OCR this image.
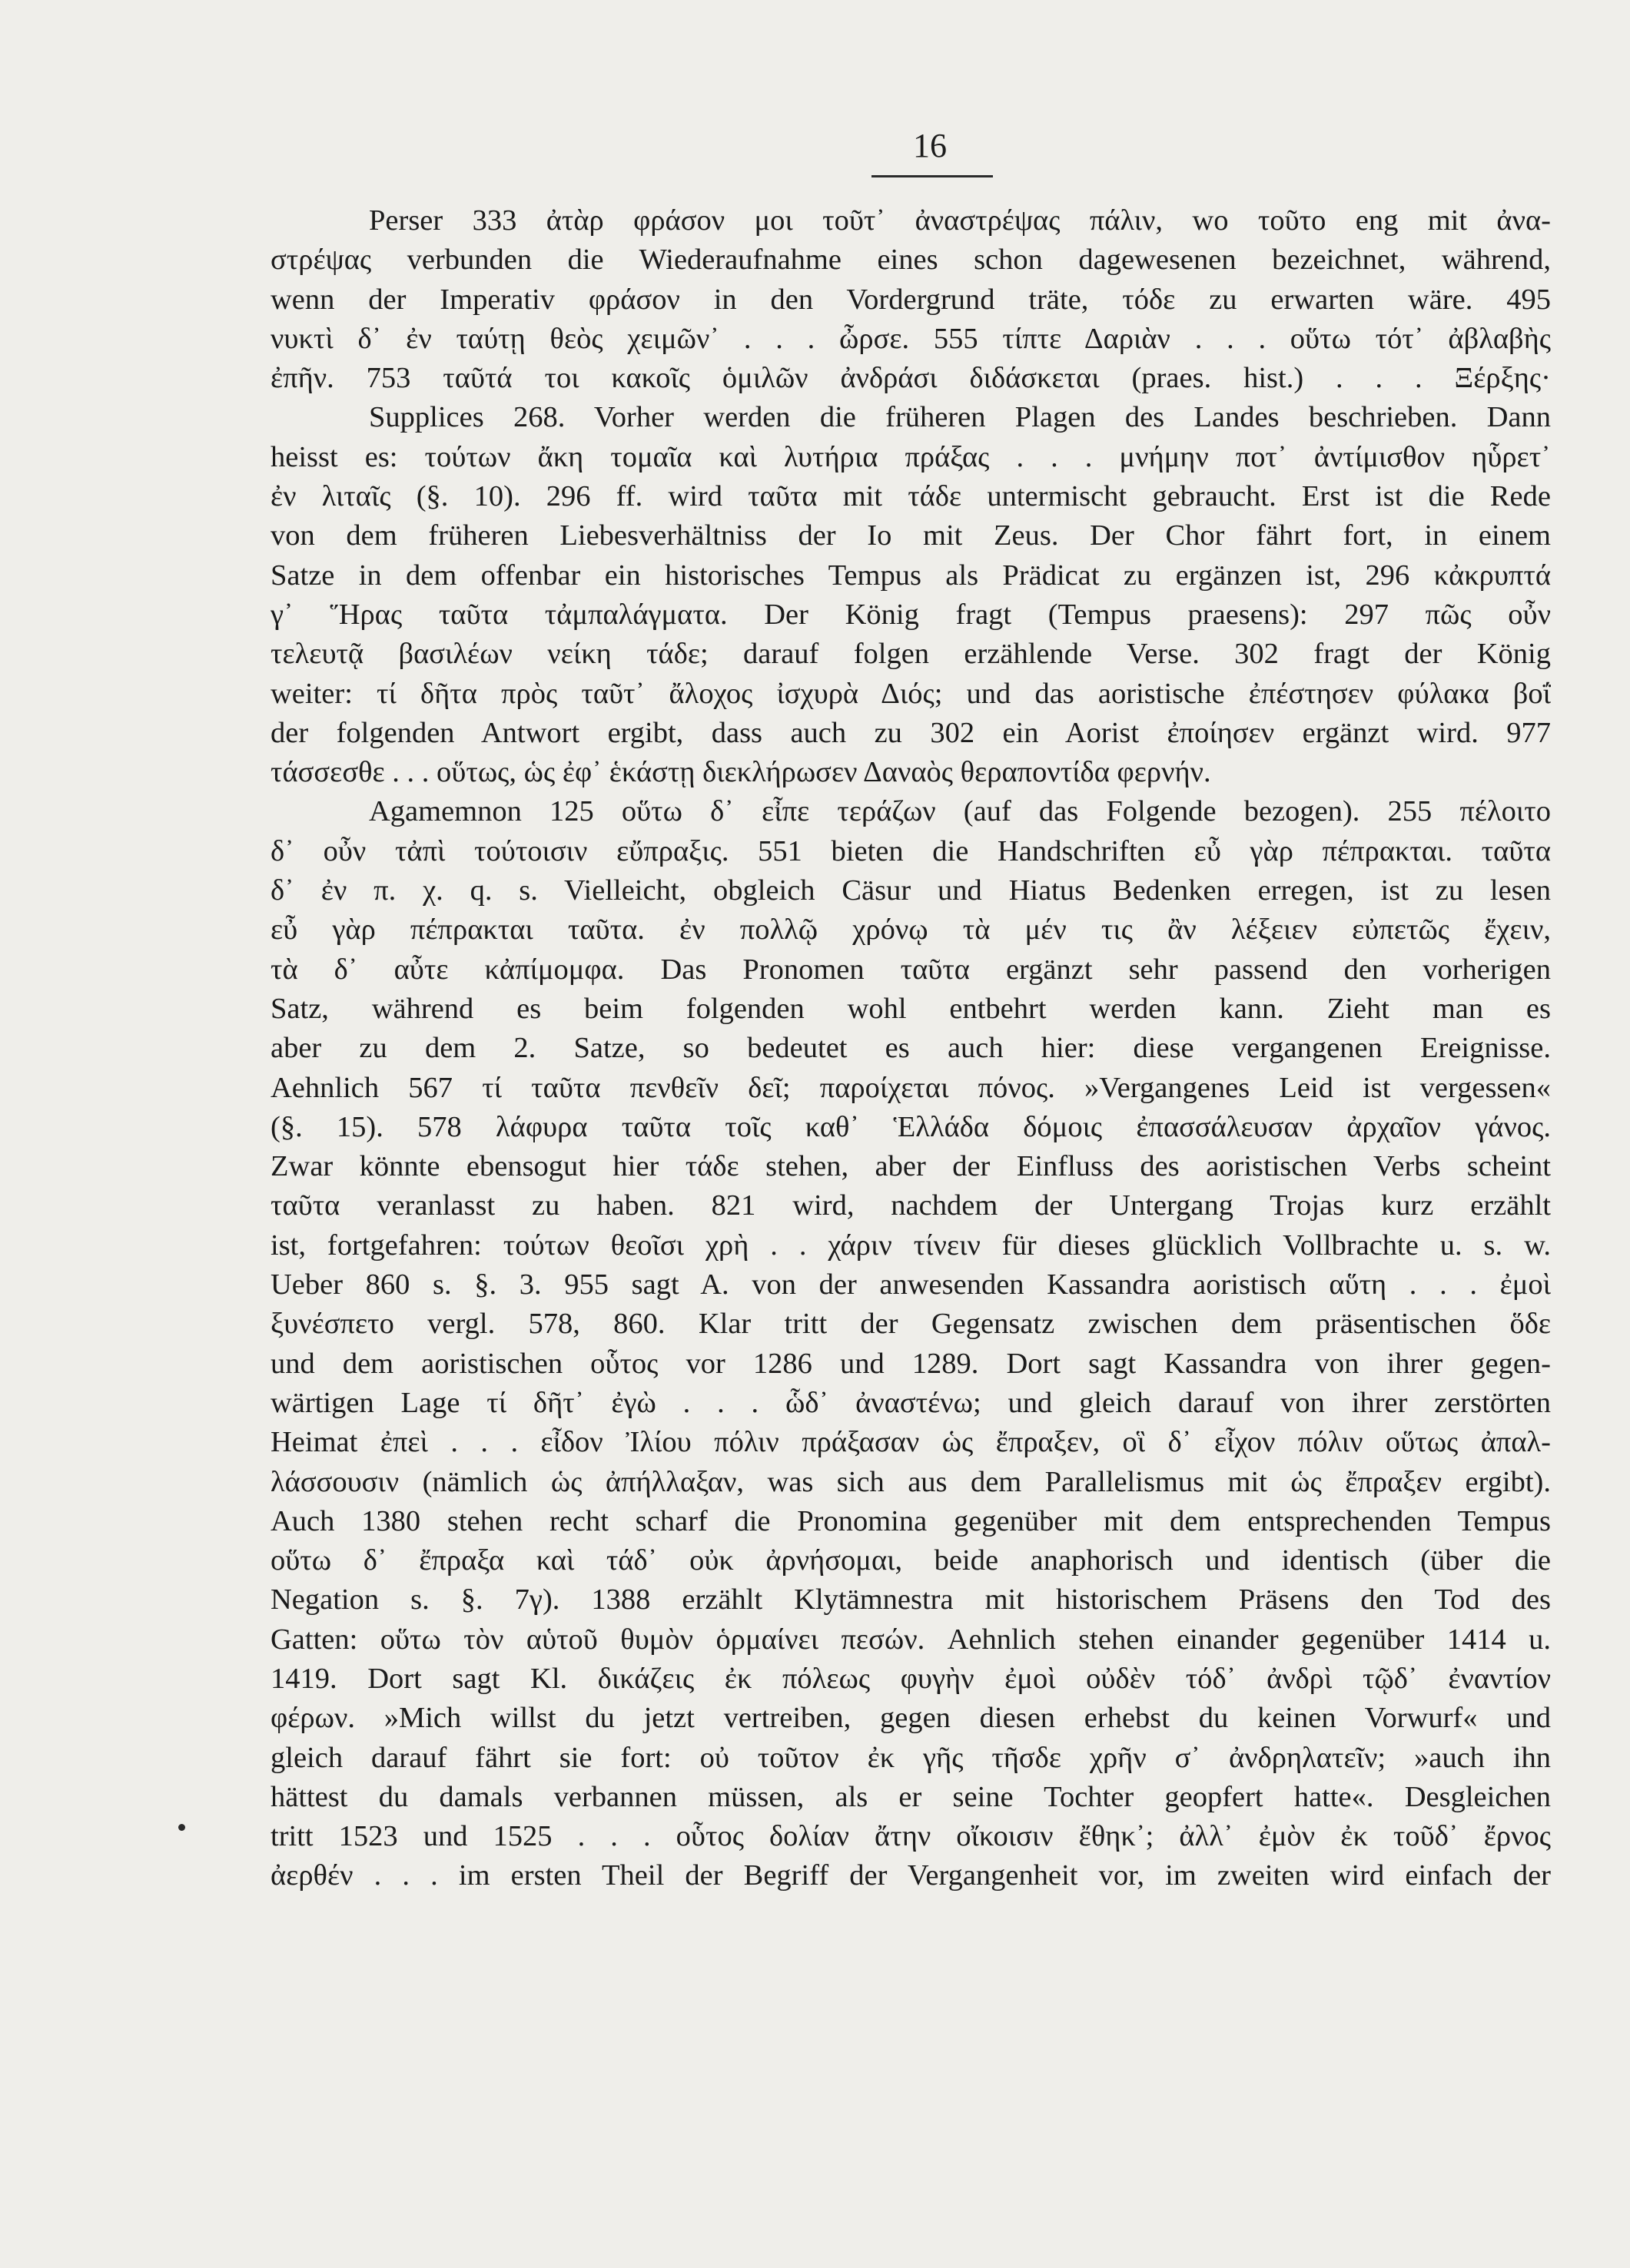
16
Perser 333 ἀτὰρ φράσον μοι τοῦτ᾽ ἀναστρέψας πάλιν, wo τοῦτο eng mit ἀνα-
στρέψας verbunden die Wiederaufnahme eines schon dagewesenen bezeichnet, während,
wenn der Imperativ φράσον in den Vordergrund träte, τόδε zu erwarten wäre. 495
νυκτὶ δ᾽ ἐν ταύτῃ θεὸς χειμῶν᾽ . . . ὦρσε. 555 τίπτε Δαριὰν . . . οὕτω τότ᾽ ἀβλαβὴς
ἐπῆν. 753 ταῦτά τοι κακοῖς ὁμιλῶν ἀνδράσι διδάσκεται (praes. hist.) . . . Ξέρξης·
Supplices 268. Vorher werden die früheren Plagen des Landes beschrieben. Dann
heisst es: τούτων ἄκη τομαῖα καὶ λυτήρια πράξας . . . μνήμην ποτ᾽ ἀντίμισθον ηὗρετ᾽
ἐν λιταῖς (§. 10). 296 ff. wird ταῦτα mit τάδε untermischt gebraucht. Erst ist die Rede
von dem früheren Liebesverhältniss der Io mit Zeus. Der Chor fährt fort, in einem
Satze in dem offenbar ein historisches Tempus als Prädicat zu ergänzen ist, 296 κἀκρυπτά
γ᾽ Ἥρας ταῦτα τἀμπαλάγματα. Der König fragt (Tempus praesens): 297 πῶς οὖν
τελευτᾷ βασιλέων νείκη τάδε; darauf folgen erzählende Verse. 302 fragt der König
weiter: τί δῆτα πρὸς ταῦτ᾽ ἄλοχος ἰσχυρὰ Διός; und das aoristische ἐπέστησεν φύλακα βοΐ
der folgenden Antwort ergibt, dass auch zu 302 ein Aorist ἐποίησεν ergänzt wird. 977
τάσσεσθε . . . οὕτως, ὡς ἐφ᾽ ἑκάστῃ διεκλήρωσεν Δαναὸς θεραποντίδα φερνήν.
Agamemnon 125 οὕτω δ᾽ εἶπε τεράζων (auf das Folgende bezogen). 255 πέλοιτο
δ᾽ οὖν τἀπὶ τούτοισιν εὔπραξις. 551 bieten die Handschriften εὖ γὰρ πέπρακται. ταῦτα
δ᾽ ἐν π. χ. q. s. Vielleicht, obgleich Cäsur und Hiatus Bedenken erregen, ist zu lesen
εὖ γὰρ πέπρακται ταῦτα. ἐν πολλῷ χρόνῳ τὰ μέν τις ἂν λέξειεν εὐπετῶς ἔχειν,
τὰ δ᾽ αὖτε κἀπίμομφα. Das Pronomen ταῦτα ergänzt sehr passend den vorherigen
Satz, während es beim folgenden wohl entbehrt werden kann. Zieht man es
aber zu dem 2. Satze, so bedeutet es auch hier: diese vergangenen Ereignisse.
Aehnlich 567 τί ταῦτα πενθεῖν δεῖ; παροίχεται πόνος. »Vergangenes Leid ist vergessen«
(§. 15). 578 λάφυρα ταῦτα τοῖς καθ᾽ Ἑλλάδα δόμοις ἐπασσάλευσαν ἀρχαῖον γάνος.
Zwar könnte ebensogut hier τάδε stehen, aber der Einfluss des aoristischen Verbs scheint
ταῦτα veranlasst zu haben. 821 wird, nachdem der Untergang Trojas kurz erzählt
ist, fortgefahren: τούτων θεοῖσι χρὴ . . χάριν τίνειν für dieses glücklich Vollbrachte u. s. w.
Ueber 860 s. §. 3. 955 sagt A. von der anwesenden Kassandra aoristisch αὕτη . . . ἐμοὶ
ξυνέσπετο vergl. 578, 860. Klar tritt der Gegensatz zwischen dem präsentischen ὅδε
und dem aoristischen οὗτος vor 1286 und 1289. Dort sagt Kassandra von ihrer gegen-
wärtigen Lage τί δῆτ᾽ ἐγὼ . . . ὧδ᾽ ἀναστένω; und gleich darauf von ihrer zerstörten
Heimat ἐπεὶ . . . εἶδον Ἰλίου πόλιν πράξασαν ὡς ἔπραξεν, οἳ δ᾽ εἶχον πόλιν οὕτως ἀπαλ-
λάσσουσιν (nämlich ὡς ἀπήλλαξαν, was sich aus dem Parallelismus mit ὡς ἔπραξεν ergibt).
Auch 1380 stehen recht scharf die Pronomina gegenüber mit dem entsprechenden Tempus
οὕτω δ᾽ ἔπραξα καὶ τάδ᾽ οὐκ ἀρνήσομαι, beide anaphorisch und identisch (über die
Negation s. §. 7γ). 1388 erzählt Klytämnestra mit historischem Präsens den Tod des
Gatten: οὕτω τὸν αὑτοῦ θυμὸν ὁρμαίνει πεσών. Aehnlich stehen einander gegenüber 1414 u.
1419. Dort sagt Kl. δικάζεις ἐκ πόλεως φυγὴν ἐμοὶ οὐδὲν τόδ᾽ ἀνδρὶ τῷδ᾽ ἐναντίον
φέρων. »Mich willst du jetzt vertreiben, gegen diesen erhebst du keinen Vorwurf« und
gleich darauf fährt sie fort: οὐ τοῦτον ἐκ γῆς τῆσδε χρῆν σ᾽ ἀνδρηλατεῖν; »auch ihn
hättest du damals verbannen müssen, als er seine Tochter geopfert hatte«. Desgleichen
tritt 1523 und 1525 . . . οὗτος δολίαν ἄτην οἴκοισιν ἔθηκ᾽; ἀλλ᾽ ἐμὸν ἐκ τοῦδ᾽ ἔρνος
ἀερθέν . . . im ersten Theil der Begriff der Vergangenheit vor, im zweiten wird einfach der
